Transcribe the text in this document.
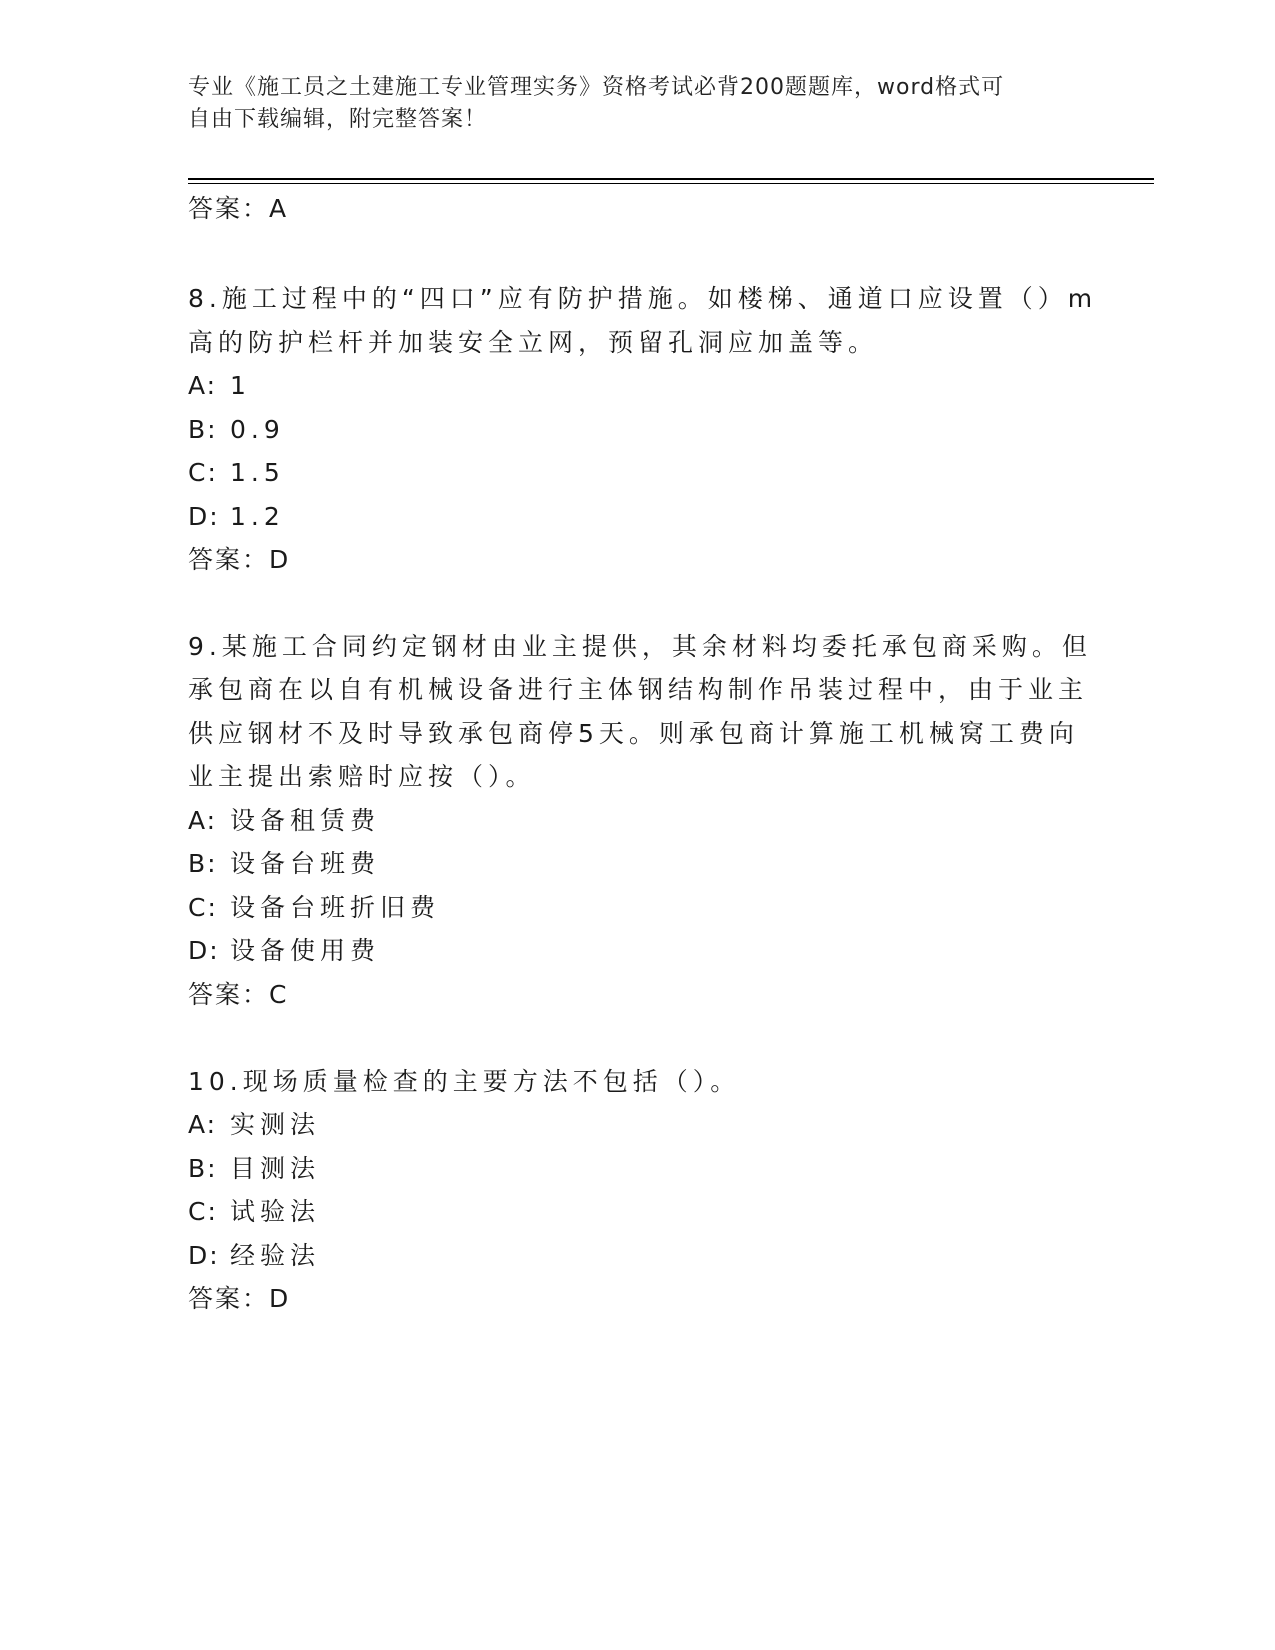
专业《施工员之土建施工专业管理实务》资格考试必背200题题库，word格式可
自由下载编辑，附完整答案！
答案：A
8.施工过程中的“四口”应有防护措施。如楼梯、通道口应设置（）m
高的防护栏杆并加装安全立网，预留孔洞应加盖等。
A: 1
B: 0.9
C: 1.5
D: 1.2
答案：D
9.某施工合同约定钢材由业主提供，其余材料均委托承包商采购。但
承包商在以自有机械设备进行主体钢结构制作吊装过程中，由于业主
供应钢材不及时导致承包商停5天。则承包商计算施工机械窝工费向
业主提出索赔时应按（）。
A: 设备租赁费
B: 设备台班费
C: 设备台班折旧费
D: 设备使用费
答案：C
10.现场质量检查的主要方法不包括（）。
A: 实测法
B: 目测法
C: 试验法
D: 经验法
答案：D
